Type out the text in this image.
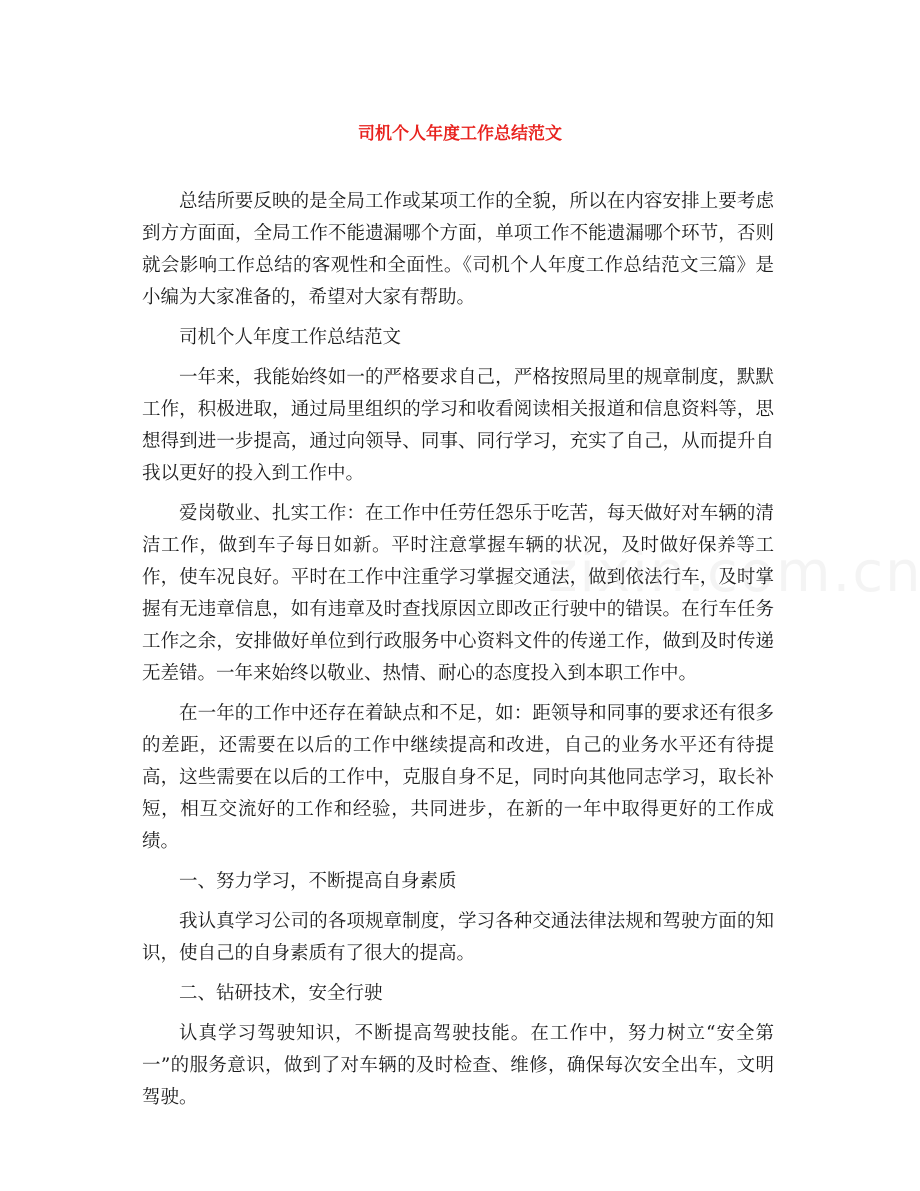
司机个人年度工作总结范文

总结所要反映的是全局工作或某项工作的全貌，所以在内容安排上要考虑到方方面面，全局工作不能遗漏哪个方面，单项工作不能遗漏哪个环节，否则就会影响工作总结的客观性和全面性。《司机个人年度工作总结范文三篇》是小编为大家准备的，希望对大家有帮助。

司机个人年度工作总结范文

一年来，我能始终如一的严格要求自己，严格按照局里的规章制度，默默工作，积极进取，通过局里组织的学习和收看阅读相关报道和信息资料等，思想得到进一步提高，通过向领导、同事、同行学习，充实了自己，从而提升自我以更好的投入到工作中。

爱岗敬业、扎实工作：在工作中任劳任怨乐于吃苦，每天做好对车辆的清洁工作，做到车子每日如新。平时注意掌握车辆的状况，及时做好保养等工作，使车况良好。平时在工作中注重学习掌握交通法，做到依法行车，及时掌握有无违章信息，如有违章及时查找原因立即改正行驶中的错误。在行车任务工作之余，安排做好单位到行政服务中心资料文件的传递工作，做到及时传递无差错。一年来始终以敬业、热情、耐心的态度投入到本职工作中。

在一年的工作中还存在着缺点和不足，如：距领导和同事的要求还有很多的差距，还需要在以后的工作中继续提高和改进，自己的业务水平还有待提高，这些需要在以后的工作中，克服自身不足，同时向其他同志学习，取长补短，相互交流好的工作和经验，共同进步，在新的一年中取得更好的工作成绩。

一、努力学习，不断提高自身素质

我认真学习公司的各项规章制度，学习各种交通法律法规和驾驶方面的知识，使自己的自身素质有了很大的提高。

二、钻研技术，安全行驶

认真学习驾驶知识，不断提高驾驶技能。在工作中，努力树立“安全第一”的服务意识，做到了对车辆的及时检查、维修，确保每次安全出车，文明驾驶。
